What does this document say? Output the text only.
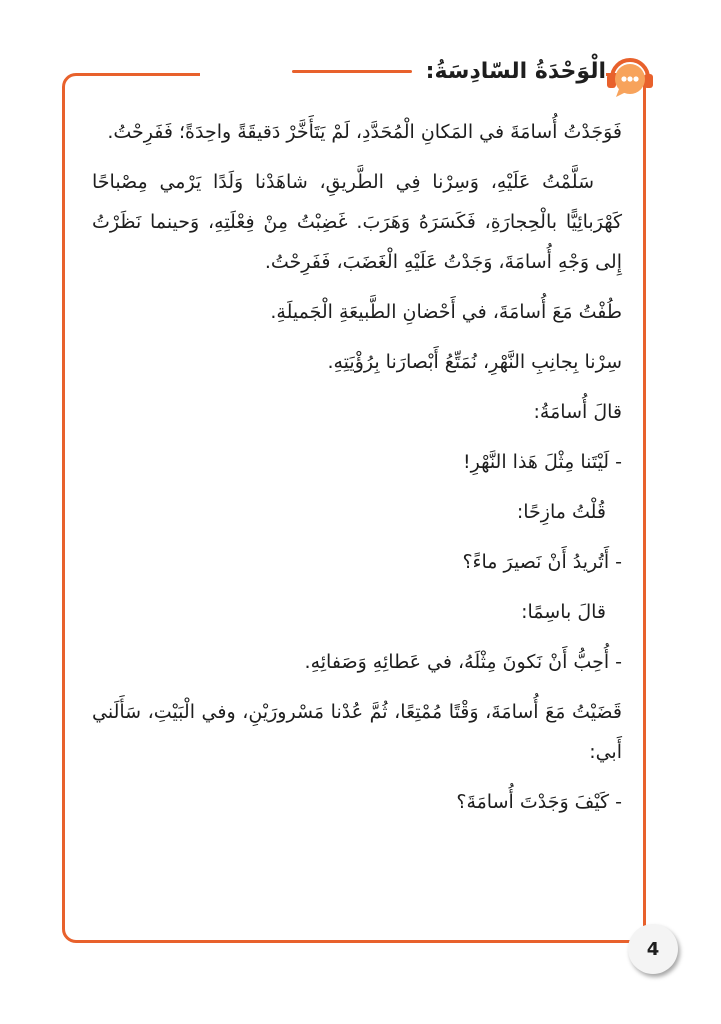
الْوَحْدَةُ السّادِسَةُ:

فَوَجَدْتُ أُسامَةَ في المَكانِ الْمُحَدَّدِ، لَمْ يَتَأَخَّرْ دَقيقَةً واحِدَةً؛ فَفَرِحْتُ.

سَلَّمْتُ عَلَيْهِ، وَسِرْنا فِي الطَّريقِ، شاهَدْنا وَلَدًا يَرْمي مِصْباحًا كَهْرَبائِيًّا بالْحِجارَةِ، فَكَسَرَهُ وَهَرَبَ. غَضِبْتُ مِنْ فِعْلَتِهِ، وَحينما نَظَرْتُ إِلى وَجْهِ أُسامَةَ، وَجَدْتُ عَلَيْهِ الْغَضَبَ، فَفَرِحْتُ.

طُفْتُ مَعَ أُسامَةَ، في أَحْضانِ الطَّبيعَةِ الْجَميلَةِ.

سِرْنا بِجانِبِ النَّهْرِ، نُمَتِّعُ أَبْصارَنا بِرُؤْيَتِهِ.

قالَ أُسامَةُ:

- لَيْتَنا مِثْلَ هَذا النَّهْرِ!

قُلْتُ مازِحًا:

- أَتُريدُ أَنْ نَصيرَ ماءً؟

قالَ باسِمًا:

- أُحِبُّ أَنْ نَكونَ مِثْلَهُ، في عَطائِهِ وَصَفائِهِ.

قَضَيْتُ مَعَ أُسامَةَ، وَقْتًا مُمْتِعًا، ثُمَّ عُدْنا مَسْرورَيْنِ، وفي الْبَيْتِ، سَأَلَني أَبي:

- كَيْفَ وَجَدْتَ أُسامَةَ؟

4
